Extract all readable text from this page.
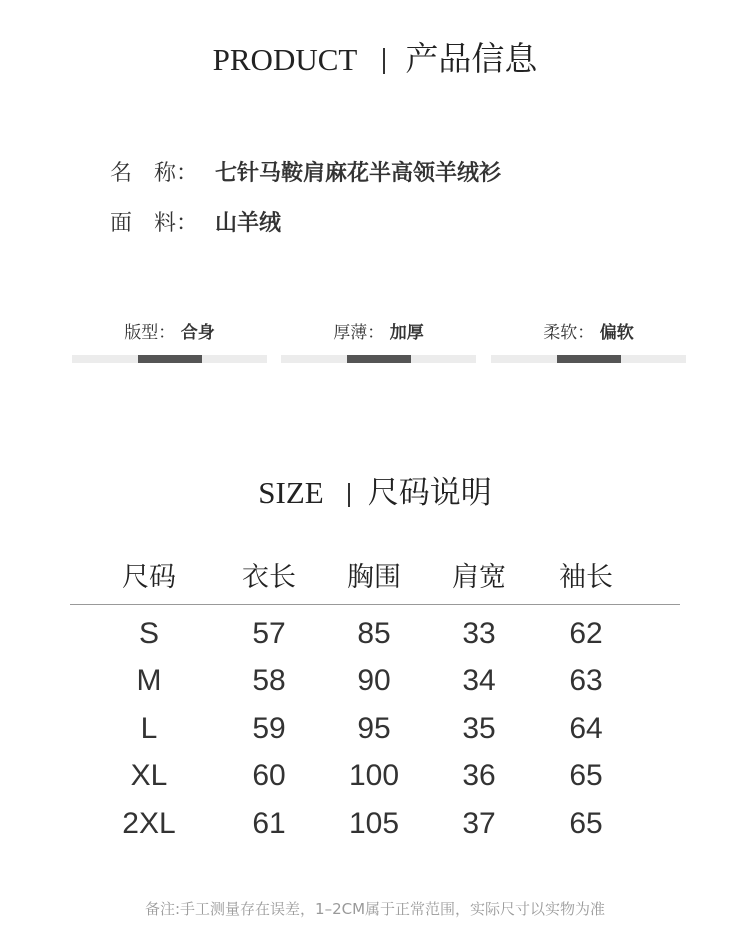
PRODUCT 产品信息
名　称： 七针马鞍肩麻花半高领羊绒衫
面　料： 山羊绒
版型： 合身	厚薄： 加厚	柔软： 偏软
SIZE 尺码说明
尺码	衣长	胸围	肩宽	袖长
S	57	85	33	62
M	58	90	34	63
L	59	95	35	64
XL	60	100	36	65
2XL	61	105	37	65
备注:手工测量存在误差，1–2CM属于正常范围，实际尺寸以实物为准
